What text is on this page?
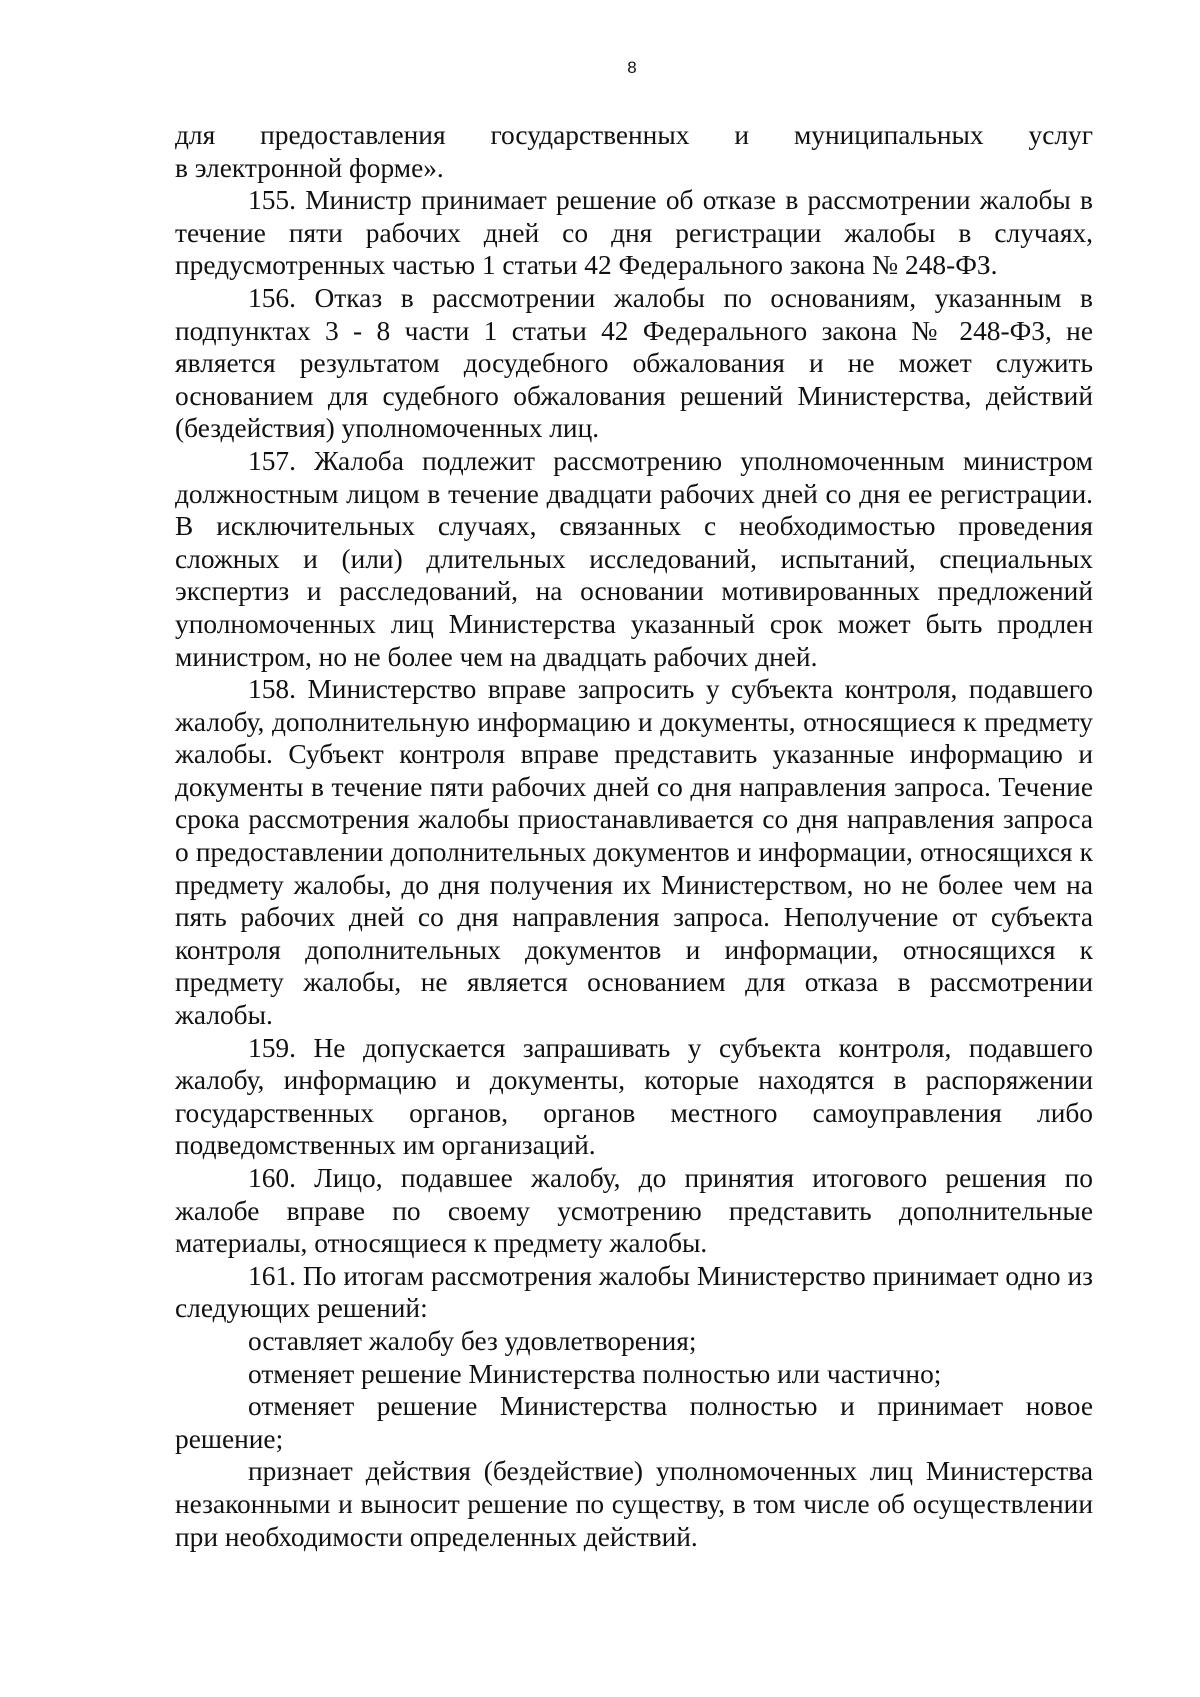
8

для предоставления государственных и муниципальных услуг
в электронной форме».

155. Министр принимает решение об отказе в рассмотрении жалобы в течение пяти рабочих дней со дня регистрации жалобы в случаях, предусмотренных частью 1 статьи 42 Федерального закона № 248-ФЗ.

156. Отказ в рассмотрении жалобы по основаниям, указанным в подпунктах 3 - 8 части 1 статьи 42 Федерального закона № 248-ФЗ, не является результатом досудебного обжалования и не может служить основанием для судебного обжалования решений Министерства, действий (бездействия) уполномоченных лиц.

157. Жалоба подлежит рассмотрению уполномоченным министром должностным лицом в течение двадцати рабочих дней со дня ее регистрации. В исключительных случаях, связанных с необходимостью проведения сложных и (или) длительных исследований, испытаний, специальных экспертиз и расследований, на основании мотивированных предложений уполномоченных лиц Министерства указанный срок может быть продлен министром, но не более чем на двадцать рабочих дней.

158. Министерство вправе запросить у субъекта контроля, подавшего жалобу, дополнительную информацию и документы, относящиеся к предмету жалобы. Субъект контроля вправе представить указанные информацию и документы в течение пяти рабочих дней со дня направления запроса. Течение срока рассмотрения жалобы приостанавливается со дня направления запроса о предоставлении дополнительных документов и информации, относящихся к предмету жалобы, до дня получения их Министерством, но не более чем на пять рабочих дней со дня направления запроса. Неполучение от субъекта контроля дополнительных документов и информации, относящихся к предмету жалобы, не является основанием для отказа в рассмотрении жалобы.

159. Не допускается запрашивать у субъекта контроля, подавшего жалобу, информацию и документы, которые находятся в распоряжении государственных органов, органов местного самоуправления либо подведомственных им организаций.

160. Лицо, подавшее жалобу, до принятия итогового решения по жалобе вправе по своему усмотрению представить дополнительные материалы, относящиеся к предмету жалобы.

161. По итогам рассмотрения жалобы Министерство принимает одно из следующих решений:

оставляет жалобу без удовлетворения;

отменяет решение Министерства полностью или частично;

отменяет решение Министерства полностью и принимает новое решение;

признает действия (бездействие) уполномоченных лиц Министерства незаконными и выносит решение по существу, в том числе об осуществлении при необходимости определенных действий.
